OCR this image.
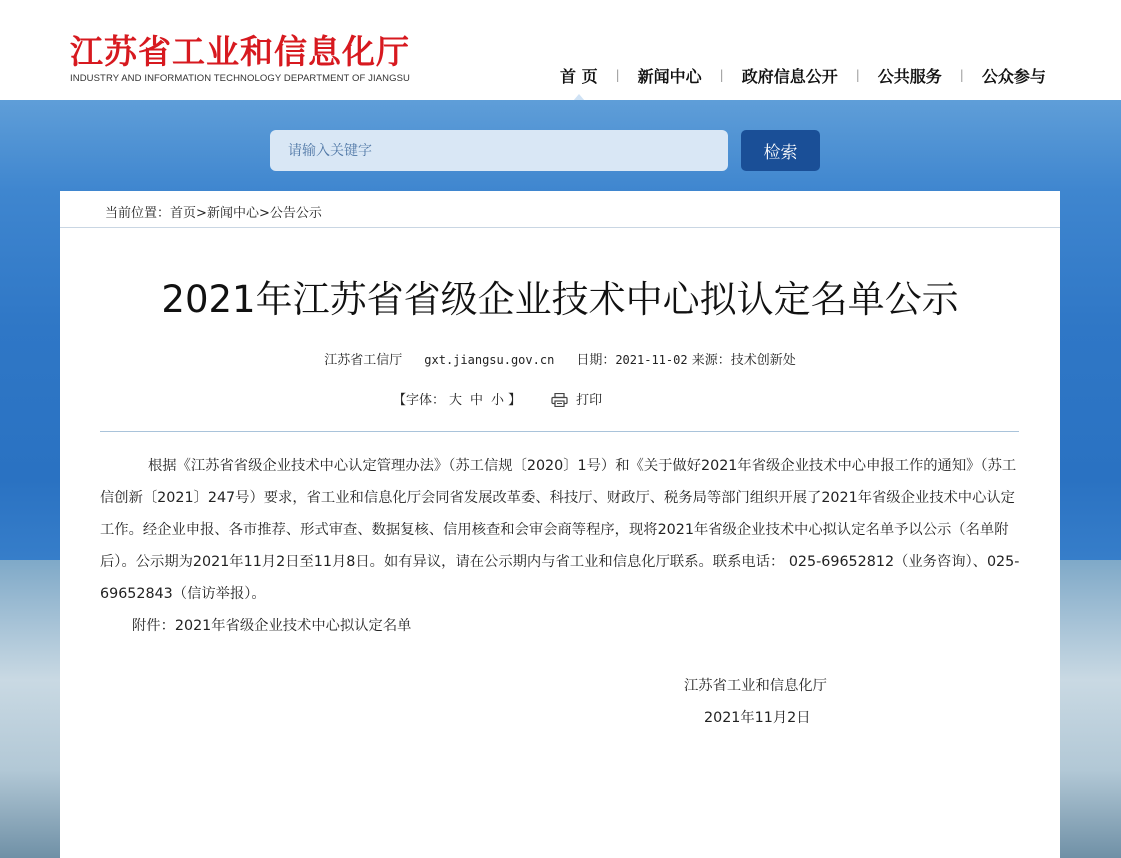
江苏省工业和信息化厅
INDUSTRY AND INFORMATION TECHNOLOGY DEPARTMENT OF JIANGSU	首 页 | 新闻中心 | 政府信息公开 | 公共服务 | 公众参与
请输入关键字
检索
当前位置：首页>新闻中心>公告公示
2021年江苏省省级企业技术中心拟认定名单公示
江苏省工信厅 gxt.jiangsu.gov.cn 日期：2021-11-02 来源：技术创新处
【字体： 大 中 小 】	打印

根据《江苏省省级企业技术中心认定管理办法》（苏工信规〔2020〕1号）和《关于做好2021年省级企业技术中心申报工作的通知》（苏工信创新〔2021〕247号）要求，省工业和信息化厅会同省发展改革委、科技厅、财政厅、税务局等部门组织开展了2021年省级企业技术中心认定工作。经企业申报、各市推荐、形式审查、数据复核、信用核查和会审会商等程序，现将2021年省级企业技术中心拟认定名单予以公示（名单附后）。公示期为2021年11月2日至11月8日。如有异议，请在公示期内与省工业和信息化厅联系。联系电话： 025-69652812（业务咨询）、025-69652843（信访举报）。

附件：2021年省级企业技术中心拟认定名单

江苏省工业和信息化厅
2021年11月2日
